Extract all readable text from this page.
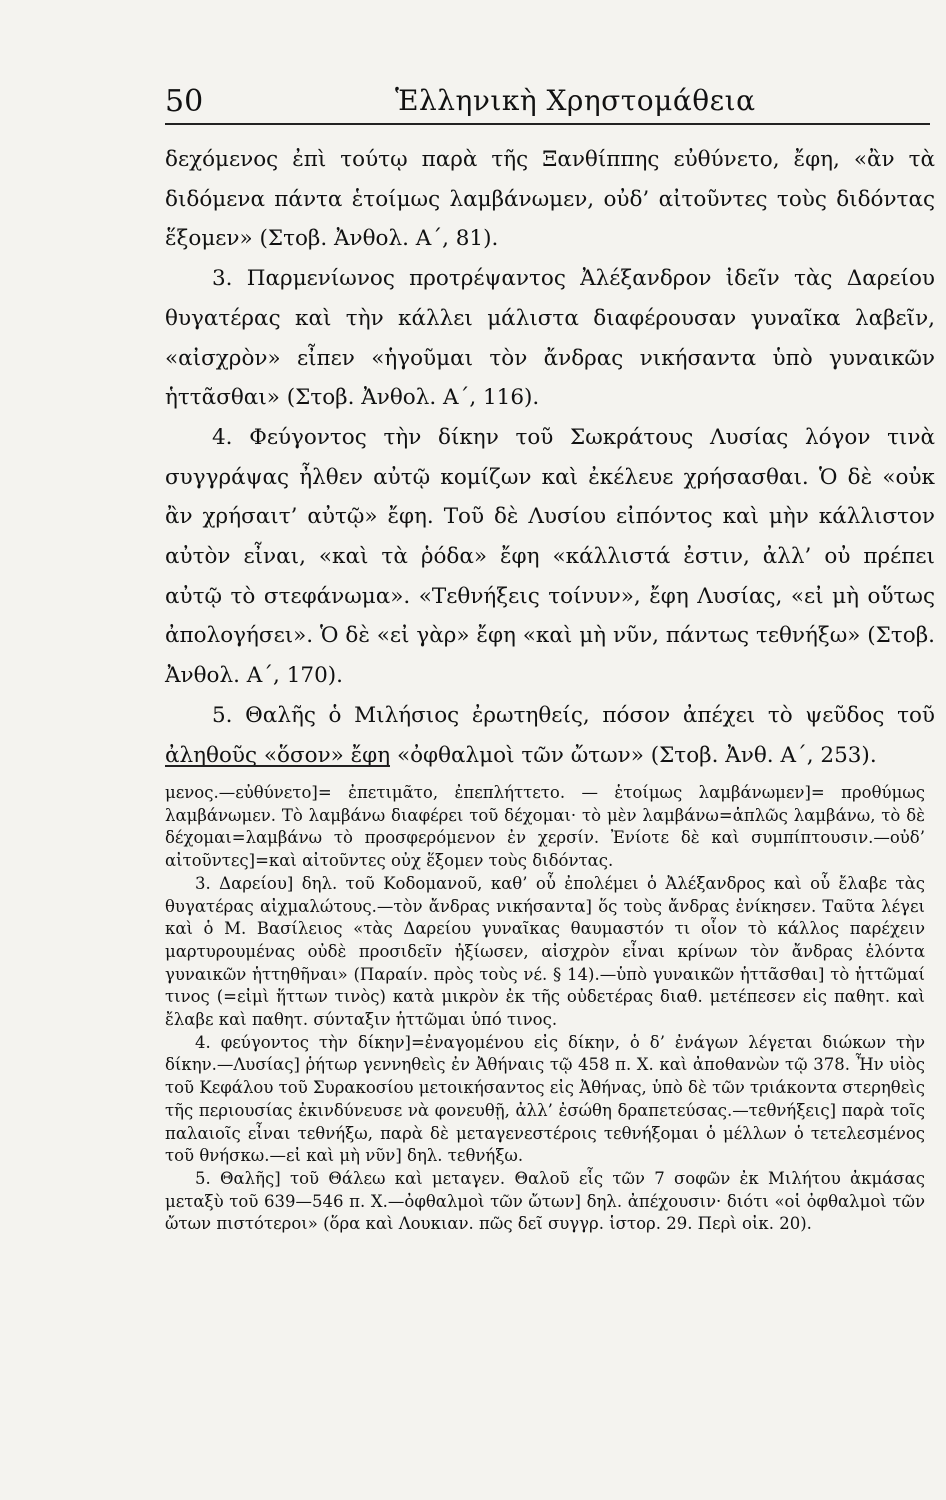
50	Ἑλληνικὴ Χρηστομάθεια

δεχόμενος ἐπὶ τούτῳ παρὰ τῆς Ξανθίππης εὐθύνετο, ἔφη, «ἂν τὰ διδόμενα πάντα ἑτοίμως λαμβάνωμεν, οὐδ’ αἰτοῦντες τοὺς διδόντας ἕξομεν» (Στοβ. Ἀνθολ. Α΄, 81).

3. Παρμενίωνος προτρέψαντος Ἀλέξανδρον ἰδεῖν τὰς Δαρείου θυγατέρας καὶ τὴν κάλλει μάλιστα διαφέρουσαν γυναῖκα λαβεῖν, «αἰσχρὸν» εἶπεν «ἡγοῦμαι τὸν ἄνδρας νικήσαντα ὑπὸ γυναικῶν ἡττᾶσθαι» (Στοβ. Ἀνθολ. Α΄, 116).

4. Φεύγοντος τὴν δίκην τοῦ Σωκράτους Λυσίας λόγον τινὰ συγγράψας ἦλθεν αὐτῷ κομίζων καὶ ἐκέλευε χρήσασθαι. Ὁ δὲ «οὐκ ἂν χρήσαιτ’ αὐτῷ» ἔφη. Τοῦ δὲ Λυσίου εἰπόντος καὶ μὴν κάλλιστον αὐτὸν εἶναι, «καὶ τὰ ῥόδα» ἔφη «κάλλιστά ἐστιν, ἀλλ’ οὐ πρέπει αὐτῷ τὸ στεφάνωμα». «Τεθνήξεις τοίνυν», ἔφη Λυσίας, «εἰ μὴ οὕτως ἀπολογήσει». Ὁ δὲ «εἰ γὰρ» ἔφη «καὶ μὴ νῦν, πάντως τεθνήξω» (Στοβ. Ἀνθολ. Α΄, 170).

5. Θαλῆς ὁ Μιλήσιος ἐρωτηθείς, πόσον ἀπέχει τὸ ψεῦδος τοῦ ἀληθοῦς «ὅσον» ἔφη «ὀφθαλμοὶ τῶν ὤτων» (Στοβ. Ἀνθ. Α΄, 253).

μενος.—εὐθύνετο]= ἐπετιμᾶτο, ἐπεπλήττετο. — ἑτοίμως λαμβάνωμεν]= προθύμως λαμβάνωμεν. Τὸ λαμβάνω διαφέρει τοῦ δέχομαι· τὸ μὲν λαμβάνω=ἁπλῶς λαμβάνω, τὸ δὲ δέχομαι=λαμβάνω τὸ προσφερόμενον ἐν χερσίν. Ἐνίοτε δὲ καὶ συμπίπτουσιν.—οὐδ’ αἰτοῦντες]=καὶ αἰτοῦντες οὐχ ἕξομεν τοὺς διδόντας.

3. Δαρείου] δηλ. τοῦ Κοδομανοῦ, καθ’ οὗ ἐπολέμει ὁ Ἀλέξανδρος καὶ οὗ ἔλαβε τὰς θυγατέρας αἰχμαλώτους.—τὸν ἄνδρας νικήσαντα] ὅς τοὺς ἄνδρας ἐνίκησεν. Ταῦτα λέγει καὶ ὁ Μ. Βασίλειος «τὰς Δαρείου γυναῖκας θαυμαστόν τι οἷον τὸ κάλλος παρέχειν μαρτυρουμένας οὐδὲ προσιδεῖν ἠξίωσεν, αἰσχρὸν εἶναι κρίνων τὸν ἄνδρας ἑλόντα γυναικῶν ἡττηθῆναι» (Παραίν. πρὸς τοὺς νέ. § 14).—ὑπὸ γυναικῶν ἡττᾶσθαι] τὸ ἡττῶμαί τινος (=εἰμὶ ἥττων τινὸς) κατὰ μικρὸν ἐκ τῆς οὐδετέρας διαθ. μετέπεσεν εἰς παθητ. καὶ ἔλαβε καὶ παθητ. σύνταξιν ἡττῶμαι ὑπό τινος.

4. φεύγοντος τὴν δίκην]=ἐναγομένου εἰς δίκην, ὁ δ’ ἐνάγων λέγεται διώκων τὴν δίκην.—Λυσίας] ῥήτωρ γεννηθεὶς ἐν Ἀθήναις τῷ 458 π. Χ. καὶ ἀποθανὼν τῷ 378. Ἦν υἱὸς τοῦ Κεφάλου τοῦ Συρακοσίου μετοικήσαντος εἰς Ἀθήνας, ὑπὸ δὲ τῶν τριάκοντα στερηθεὶς τῆς περιουσίας ἐκινδύνευσε νὰ φονευθῇ, ἀλλ’ ἐσώθη δραπετεύσας.—τεθνήξεις] παρὰ τοῖς παλαιοῖς εἶναι τεθνήξω, παρὰ δὲ μεταγενεστέροις τεθνήξομαι ὁ μέλλων ὁ τετελεσμένος τοῦ θνήσκω.—εἰ καὶ μὴ νῦν] δηλ. τεθνήξω.

5. Θαλῆς] τοῦ Θάλεω καὶ μεταγεν. Θαλοῦ εἷς τῶν 7 σοφῶν ἐκ Μιλήτου ἀκμάσας μεταξὺ τοῦ 639—546 π. Χ.—ὀφθαλμοὶ τῶν ὤτων] δηλ. ἀπέχουσιν· διότι «οἱ ὀφθαλμοὶ τῶν ὤτων πιστότεροι» (ὅρα καὶ Λουκιαν. πῶς δεῖ συγγρ. ἱστορ. 29. Περὶ οἰκ. 20).
